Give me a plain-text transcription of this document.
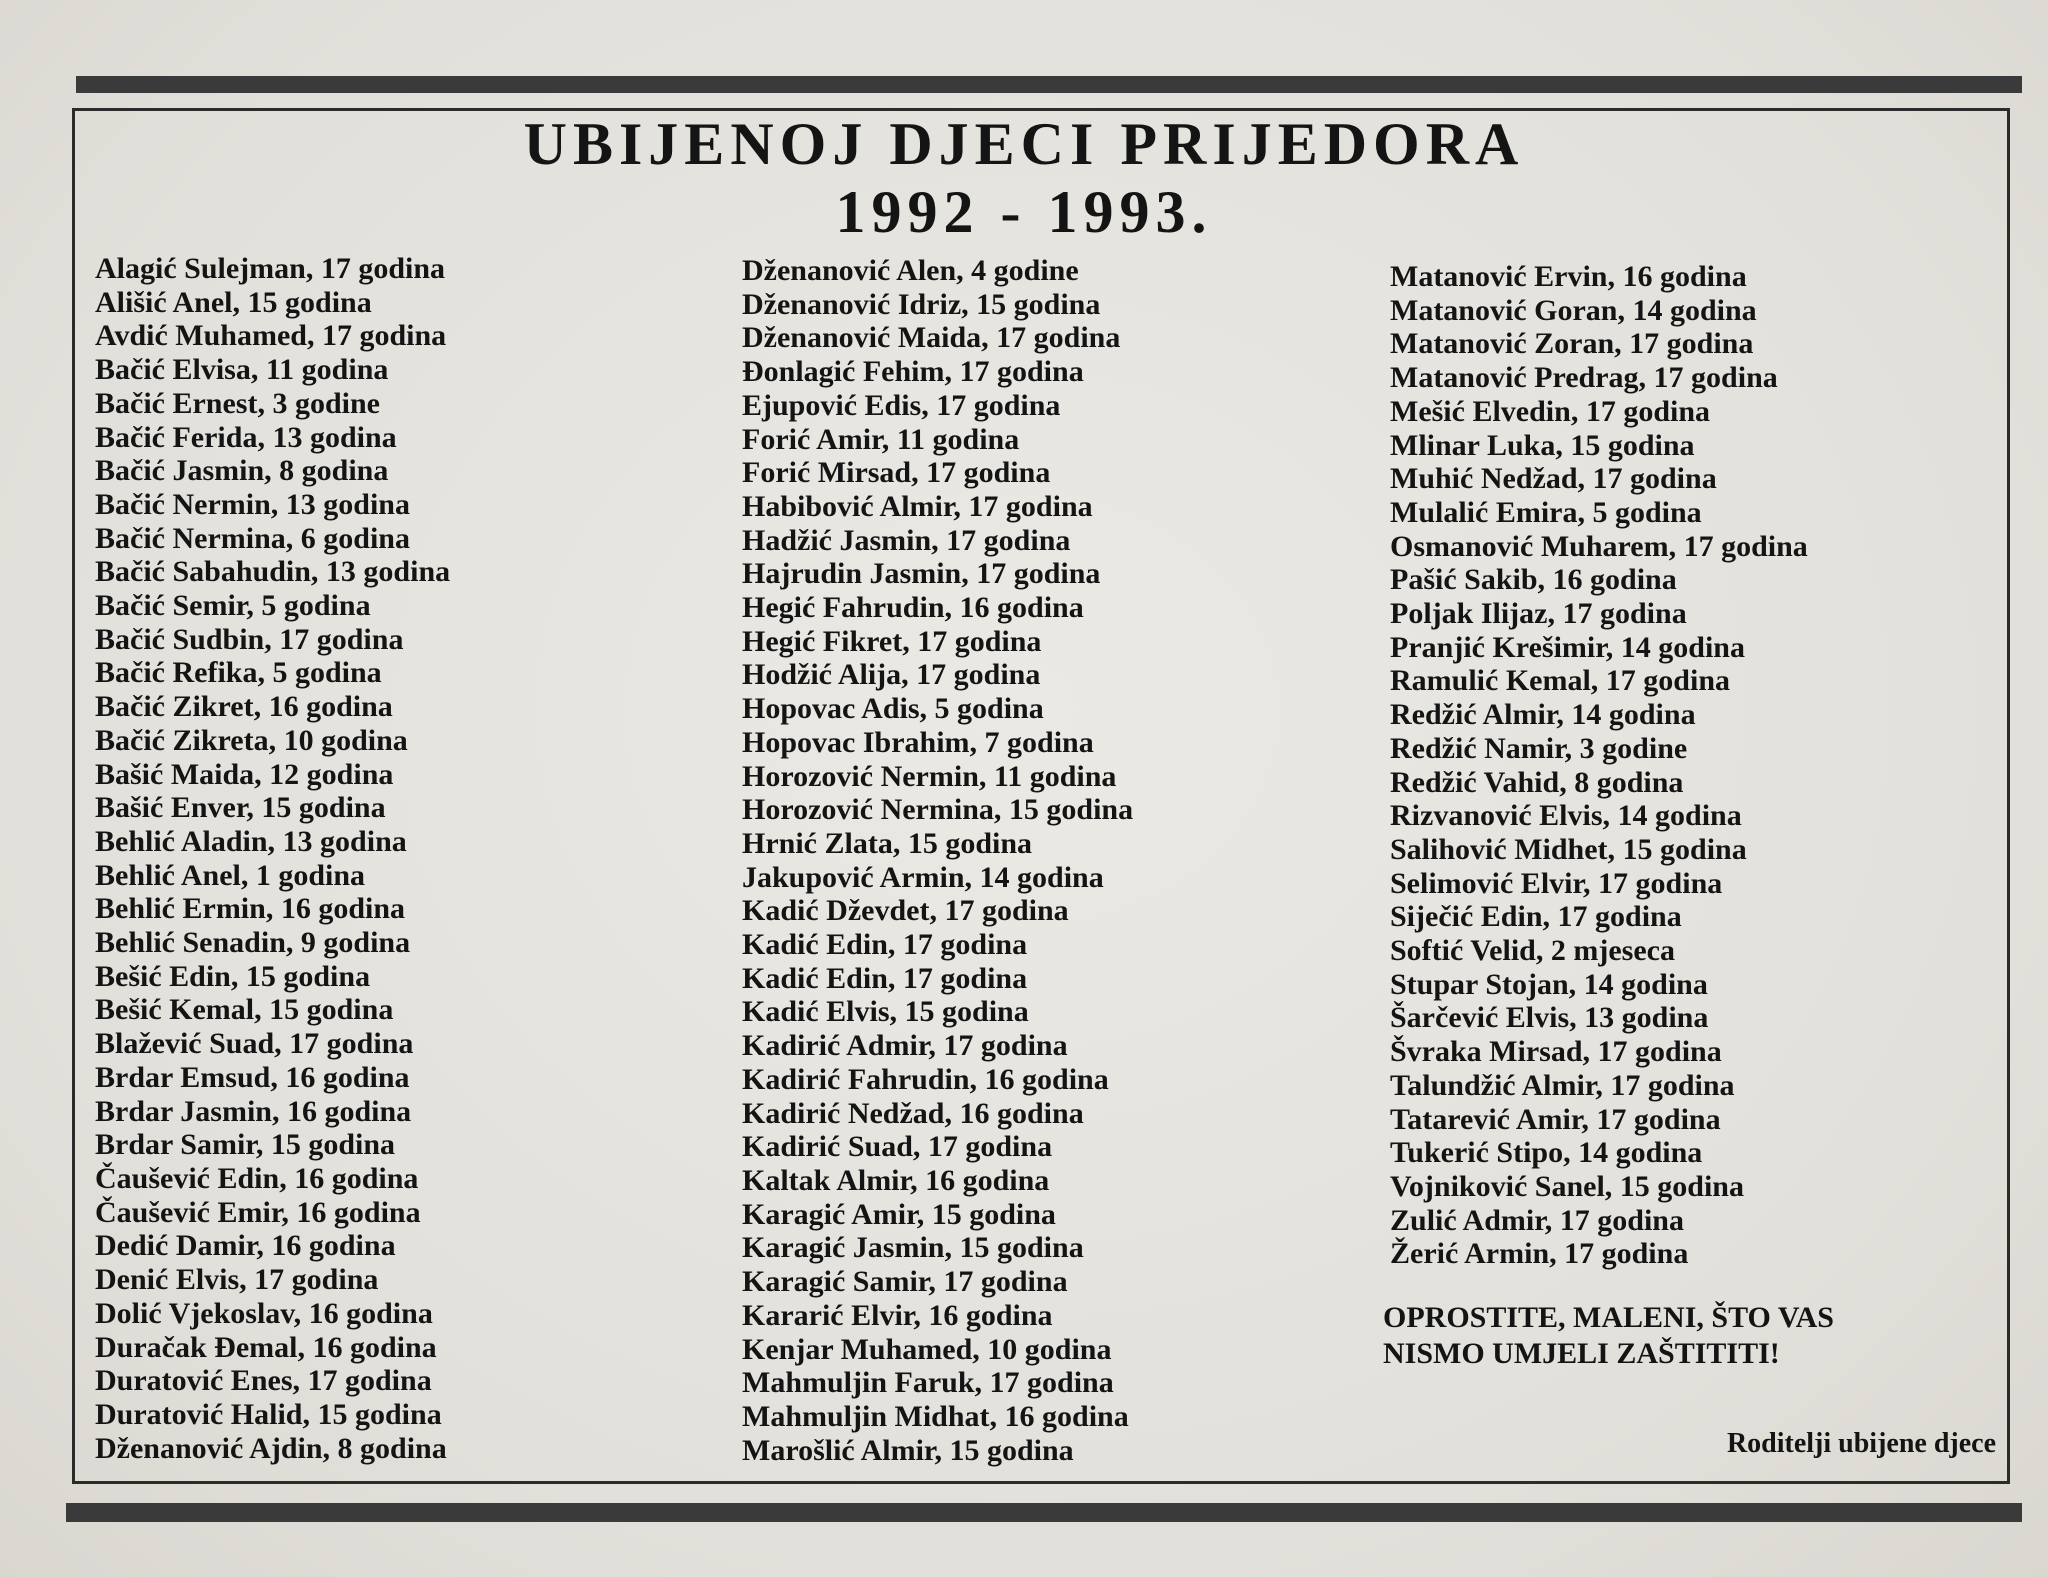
UBIJENOJ DJECI PRIJEDORA
1992 - 1993.
Alagić Sulejman, 17 godina
Ališić Anel, 15 godina
Avdić Muhamed, 17 godina
Bačić Elvisa, 11 godina
Bačić Ernest, 3 godine
Bačić Ferida, 13 godina
Bačić Jasmin, 8 godina
Bačić Nermin, 13 godina
Bačić Nermina, 6 godina
Bačić Sabahudin, 13 godina
Bačić Semir, 5 godina
Bačić Sudbin, 17 godina
Bačić Refika, 5 godina
Bačić Zikret, 16 godina
Bačić Zikreta, 10 godina
Bašić Maida, 12 godina
Bašić Enver, 15 godina
Behlić Aladin, 13 godina
Behlić Anel, 1 godina
Behlić Ermin, 16 godina
Behlić Senadin, 9 godina
Bešić Edin, 15 godina
Bešić Kemal, 15 godina
Blažević Suad, 17 godina
Brdar Emsud, 16 godina
Brdar Jasmin, 16 godina
Brdar Samir, 15 godina
Čaušević Edin, 16 godina
Čaušević Emir, 16 godina
Dedić Damir, 16 godina
Denić Elvis, 17 godina
Dolić Vjekoslav, 16 godina
Duračak Đemal, 16 godina
Duratović Enes, 17 godina
Duratović Halid, 15 godina
Dženanović Ajdin, 8 godina
Dženanović Alen, 4 godine
Dženanović Idriz, 15 godina
Dženanović Maida, 17 godina
Đonlagić Fehim, 17 godina
Ejupović Edis, 17 godina
Forić Amir, 11 godina
Forić Mirsad, 17 godina
Habibović Almir, 17 godina
Hadžić Jasmin, 17 godina
Hajrudin Jasmin, 17 godina
Hegić Fahrudin, 16 godina
Hegić Fikret, 17 godina
Hodžić Alija, 17 godina
Hopovac Adis, 5 godina
Hopovac Ibrahim, 7 godina
Horozović Nermin, 11 godina
Horozović Nermina, 15 godina
Hrnić Zlata, 15 godina
Jakupović Armin, 14 godina
Kadić Dževdet, 17 godina
Kadić Edin, 17 godina
Kadić Edin, 17 godina
Kadić Elvis, 15 godina
Kadirić Admir, 17 godina
Kadirić Fahrudin, 16 godina
Kadirić Nedžad, 16 godina
Kadirić Suad, 17 godina
Kaltak Almir, 16 godina
Karagić Amir, 15 godina
Karagić Jasmin, 15 godina
Karagić Samir, 17 godina
Kararić Elvir, 16 godina
Kenjar Muhamed, 10 godina
Mahmuljin Faruk, 17 godina
Mahmuljin Midhat, 16 godina
Marošlić Almir, 15 godina
Matanović Ervin, 16 godina
Matanović Goran, 14 godina
Matanović Zoran, 17 godina
Matanović Predrag, 17 godina
Mešić Elvedin, 17 godina
Mlinar Luka, 15 godina
Muhić Nedžad, 17 godina
Mulalić Emira, 5 godina
Osmanović Muharem, 17 godina
Pašić Sakib, 16 godina
Poljak Ilijaz, 17 godina
Pranjić Krešimir, 14 godina
Ramulić Kemal, 17 godina
Redžić Almir, 14 godina
Redžić Namir, 3 godine
Redžić Vahid, 8 godina
Rizvanović Elvis, 14 godina
Salihović Midhet, 15 godina
Selimović Elvir, 17 godina
Siječić Edin, 17 godina
Softić Velid, 2 mjeseca
Stupar Stojan, 14 godina
Šarčević Elvis, 13 godina
Švraka Mirsad, 17 godina
Talundžić Almir, 17 godina
Tatarević Amir, 17 godina
Tukerić Stipo, 14 godina
Vojniković Sanel, 15 godina
Zulić Admir, 17 godina
Žerić Armin, 17 godina

OPROSTITE, MALENI, ŠTO VAS
NISMO UMJELI ZAŠTITITI!

Roditelji ubijene djece
